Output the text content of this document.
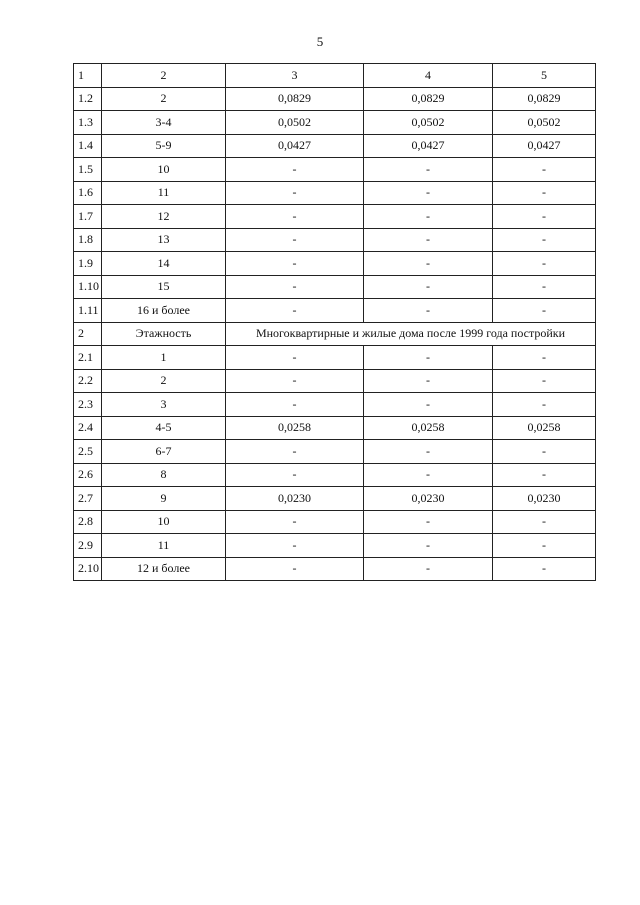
5
1	2	3	4	5
1.2	2	0,0829	0,0829	0,0829
1.3	3-4	0,0502	0,0502	0,0502
1.4	5-9	0,0427	0,0427	0,0427
1.5	10	-	-	-
1.6	11	-	-	-
1.7	12	-	-	-
1.8	13	-	-	-
1.9	14	-	-	-
1.10	15	-	-	-
1.11	16 и более	-	-	-
2	Этажность	Многоквартирные и жилые дома после 1999 года постройки		
2.1	1	-	-	-
2.2	2	-	-	-
2.3	3	-	-	-
2.4	4-5	0,0258	0,0258	0,0258
2.5	6-7	-	-	-
2.6	8	-	-	-
2.7	9	0,0230	0,0230	0,0230
2.8	10	-	-	-
2.9	11	-	-	-
2.10	12 и более	-	-	-
